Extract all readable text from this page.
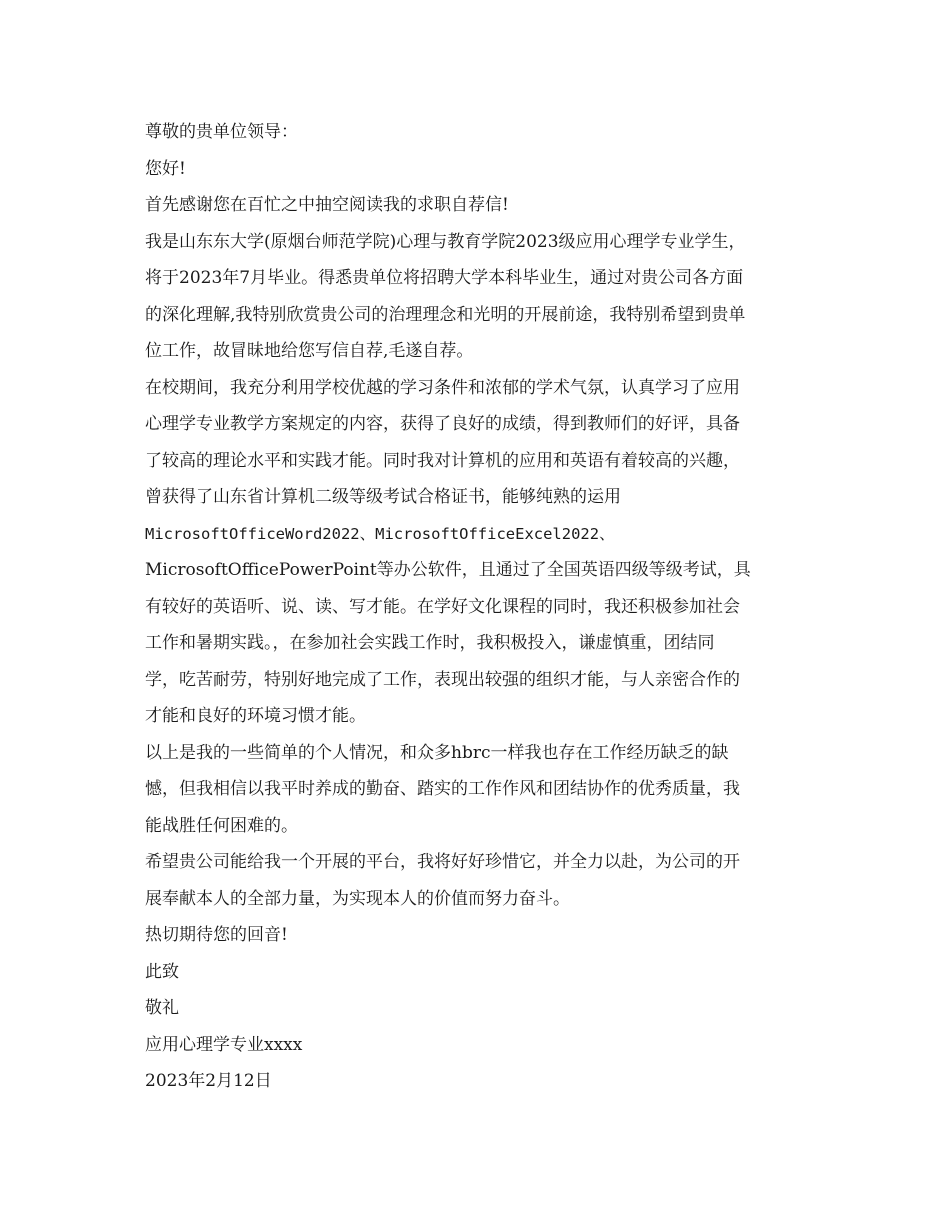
尊敬的贵单位领导：
您好!
首先感谢您在百忙之中抽空阅读我的求职自荐信!
我是山东东大学(原烟台师范学院)心理与教育学院2023级应用心理学专业学生，
将于2023年7月毕业。得悉贵单位将招聘大学本科毕业生，通过对贵公司各方面
的深化理解,我特别欣赏贵公司的治理理念和光明的开展前途，我特别希望到贵单
位工作，故冒昧地给您写信自荐,毛遂自荐。
在校期间，我充分利用学校优越的学习条件和浓郁的学术气氛，认真学习了应用
心理学专业教学方案规定的内容，获得了良好的成绩，得到教师们的好评，具备
了较高的理论水平和实践才能。同时我对计算机的应用和英语有着较高的兴趣，
曾获得了山东省计算机二级等级考试合格证书，能够纯熟的运用
MicrosoftOfficeWord2022、MicrosoftOfficeExcel2022、
MicrosoftOfficePowerPoint等办公软件，且通过了全国英语四级等级考试，具
有较好的英语听、说、读、写才能。在学好文化课程的同时，我还积极参加社会
工作和暑期实践。，在参加社会实践工作时，我积极投入，谦虚慎重，团结同
学，吃苦耐劳，特别好地完成了工作，表现出较强的组织才能，与人亲密合作的
才能和良好的环境习惯才能。
以上是我的一些简单的个人情况，和众多hbrc一样我也存在工作经历缺乏的缺
憾，但我相信以我平时养成的勤奋、踏实的工作作风和团结协作的优秀质量，我
能战胜任何困难的。
希望贵公司能给我一个开展的平台，我将好好珍惜它，并全力以赴，为公司的开
展奉献本人的全部力量，为实现本人的价值而努力奋斗。
热切期待您的回音!
此致
敬礼
应用心理学专业xxxx
2023年2月12日
